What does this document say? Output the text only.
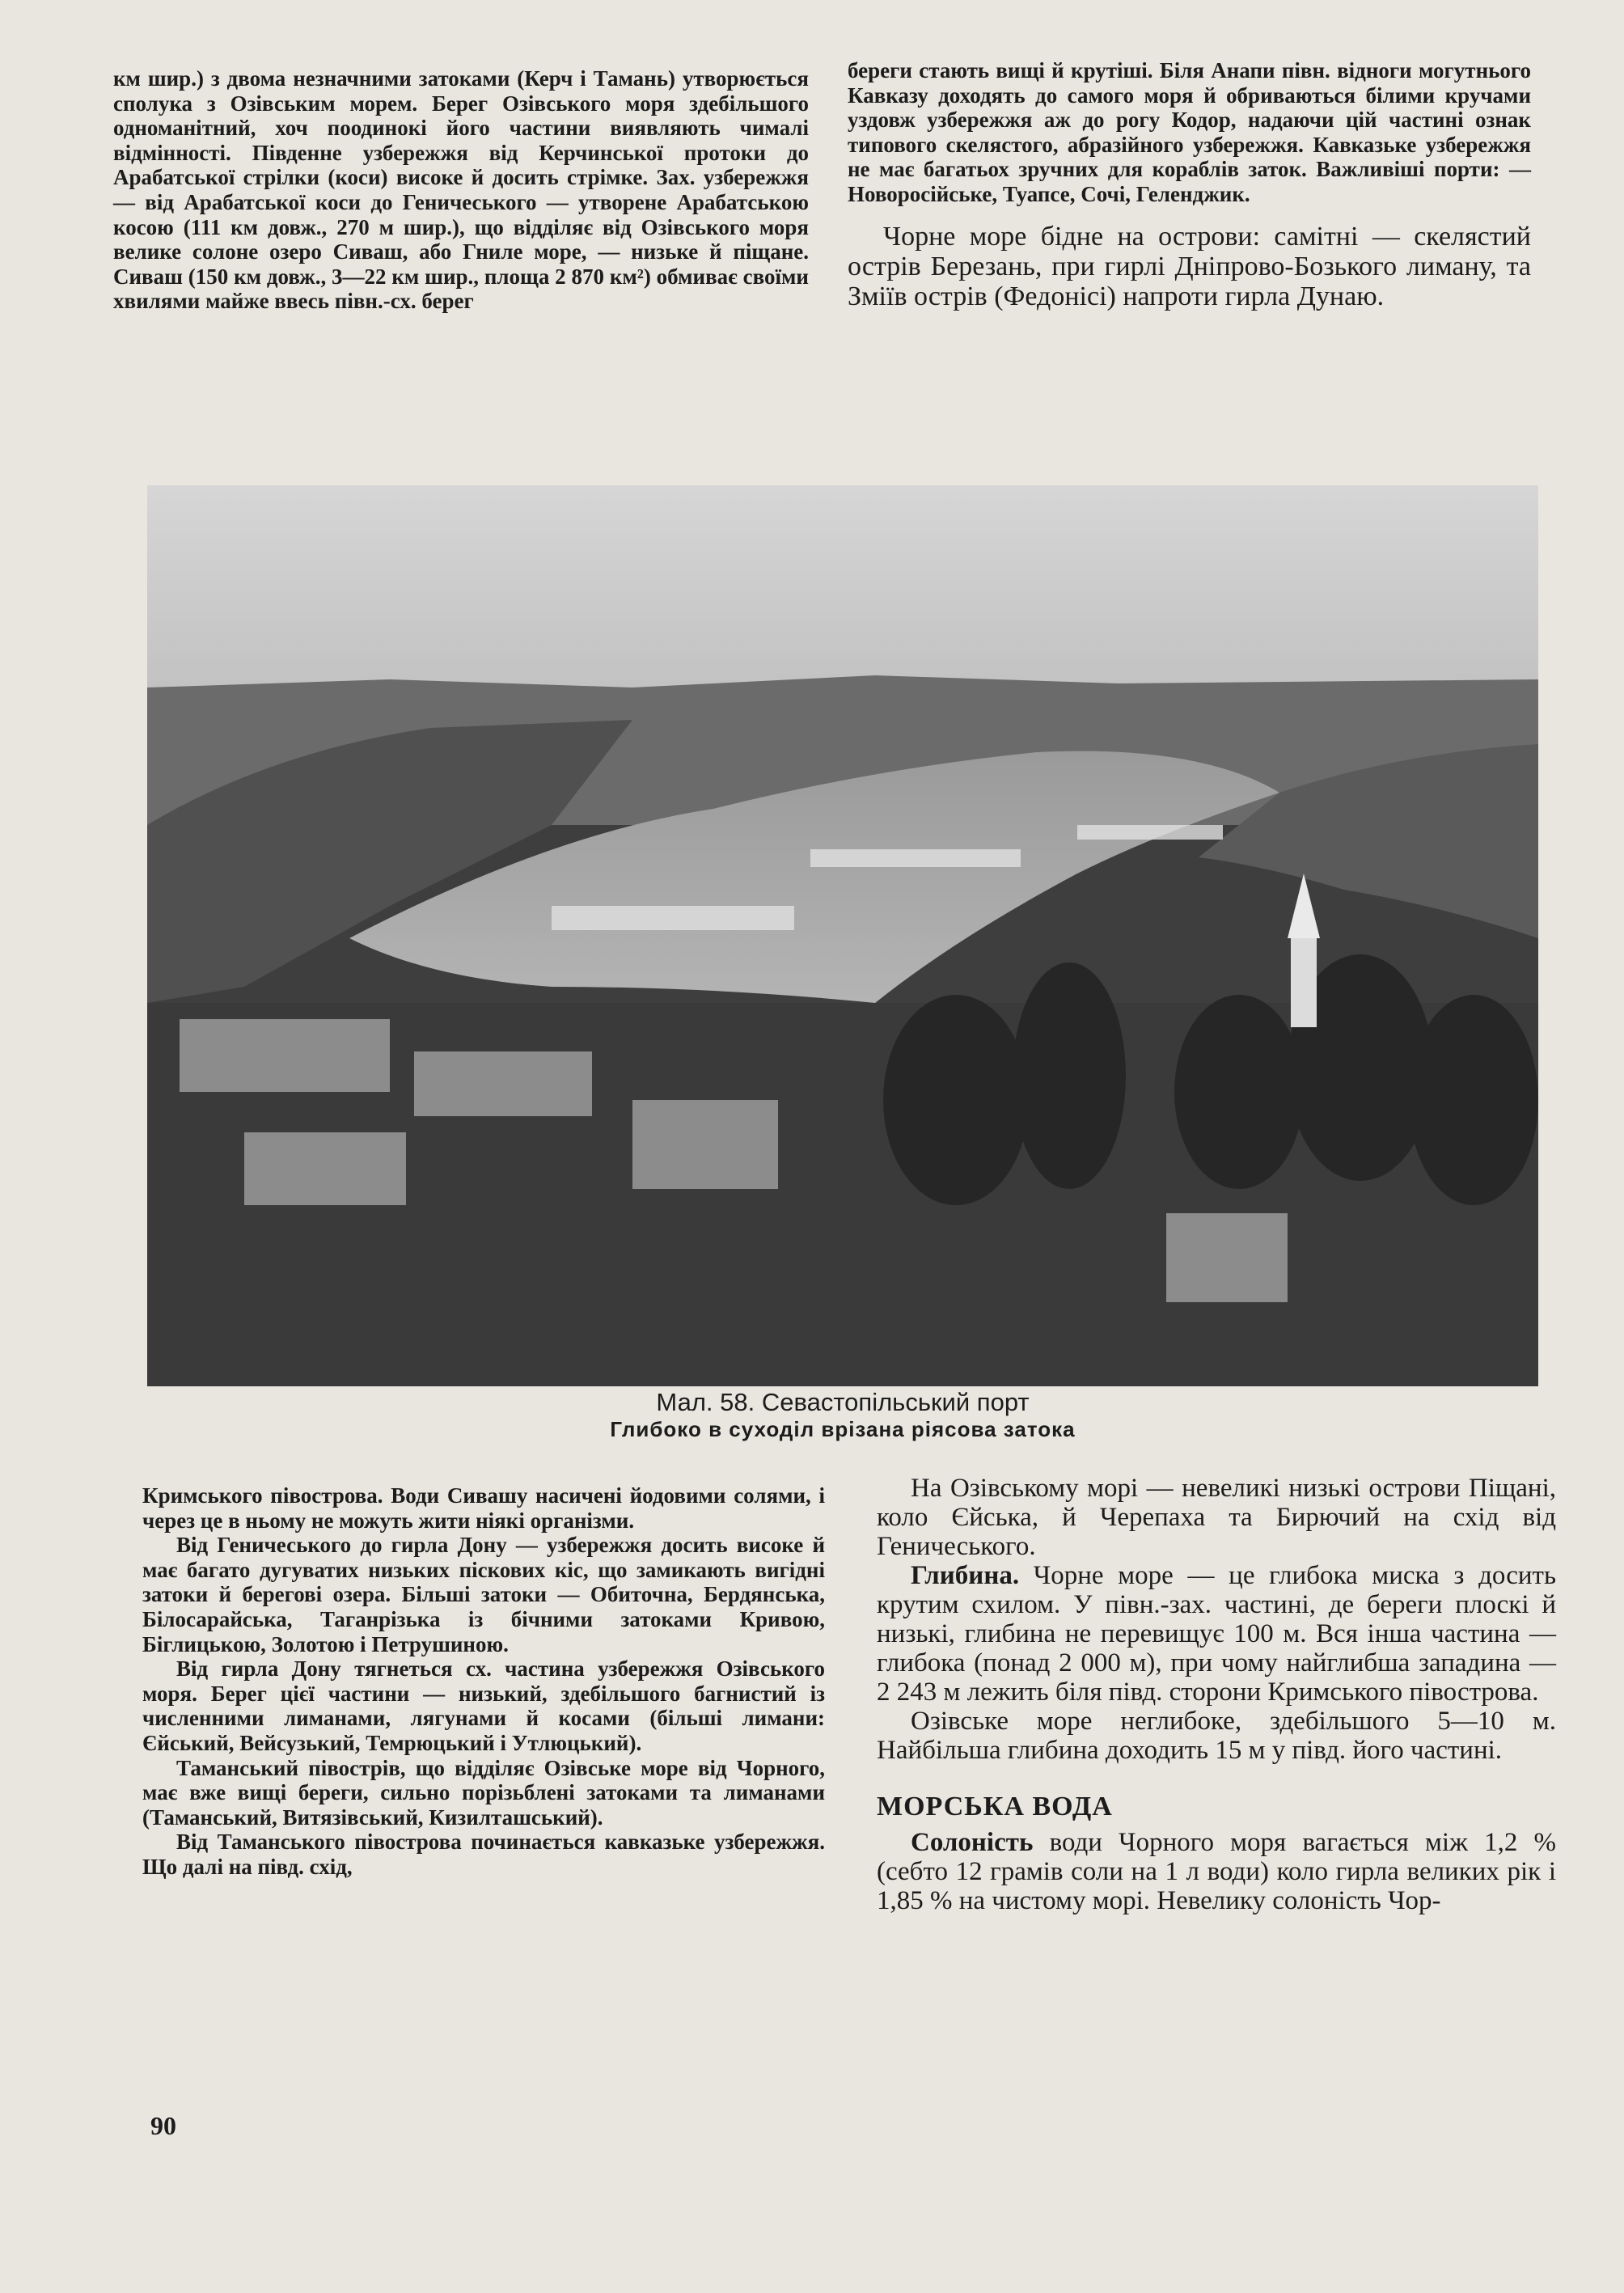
км шир.) з двома незначними затоками (Керч і Тамань) утворюється сполука з Озівським морем. Берег Озівського моря здебільшого одноманітний, хоч поодинокі його частини виявляють чималі відмінності. Південне узбережжя від Керчинської протоки до Арабатської стрілки (коси) високе й досить стрімке. Зах. узбережжя — від Арабатської коси до Геничеського — утворене Арабатською косою (111 км довж., 270 м шир.), що відділяє від Озівського моря велике солоне озеро Сиваш, або Гниле море, — низьке й піщане. Сиваш (150 км довж., 3—22 км шир., площа 2 870 км²) обмиває своїми хвилями майже ввесь півн.-сх. берег

береги стають вищі й крутіші. Біля Анапи півн. відноги могутнього Кавказу доходять до самого моря й обриваються білими кручами уздовж узбережжя аж до рогу Кодор, надаючи цій частині ознак типового скелястого, абразійного узбережжя. Кавказьке узбережжя не має багатьох зручних для кораблів заток. Важливіші порти: — Новоросійське, Туапсе, Сочі, Геленджик.

Чорне море бідне на острови: самітні — скелястий острів Березань, при гирлі Дніпрово-Бозького лиману, та Зміїв острів (Федонісі) напроти гирла Дунаю.

Мал. 58. Севастопільський порт
Глибоко в суходіл врізана ріясова затока

Кримського півострова. Води Сивашу насичені йодовими солями, і через це в ньому не можуть жити ніякі організми.

Від Геничеського до гирла Дону — узбережжя досить високе й має багато дугуватих низьких піскових кіс, що замикають вигідні затоки й берегові озера. Більші затоки — Обиточна, Бердянська, Білосарайська, Таганрізька із бічними затоками Кривою, Біглицькою, Золотою і Петрушиною.

Від гирла Дону тягнеться сх. частина узбережжя Озівського моря. Берег цієї частини — низький, здебільшого багнистий із численними лиманами, лягунами й косами (більші лимани: Єйський, Вейсузький, Темрюцький і Утлюцький).

Таманський півострів, що відділяє Озівське море від Чорного, має вже вищі береги, сильно порізьблені затоками та лиманами (Таманський, Витязівський, Кизилташський).

Від Таманського півострова починається кавказьке узбережжя. Що далі на півд. схід,

На Озівському морі — невеликі низькі острови Піщані, коло Єйська, й Черепаха та Бирючий на схід від Геничеського.

Глибина. Чорне море — це глибока миска з досить крутим схилом. У півн.-зах. частині, де береги плоскі й низькі, глибина не перевищує 100 м. Вся інша частина — глибока (понад 2 000 м), при чому найглибша западина — 2 243 м лежить біля півд. сторони Кримського півострова.

Озівське море неглибоке, здебільшого 5—10 м. Найбільша глибина доходить 15 м у півд. його частині.

МОРСЬКА ВОДА

Солоність води Чорного моря вагається між 1,2 % (себто 12 грамів соли на 1 л води) коло гирла великих рік і 1,85 % на чистому морі. Невелику солоність Чор-

90
